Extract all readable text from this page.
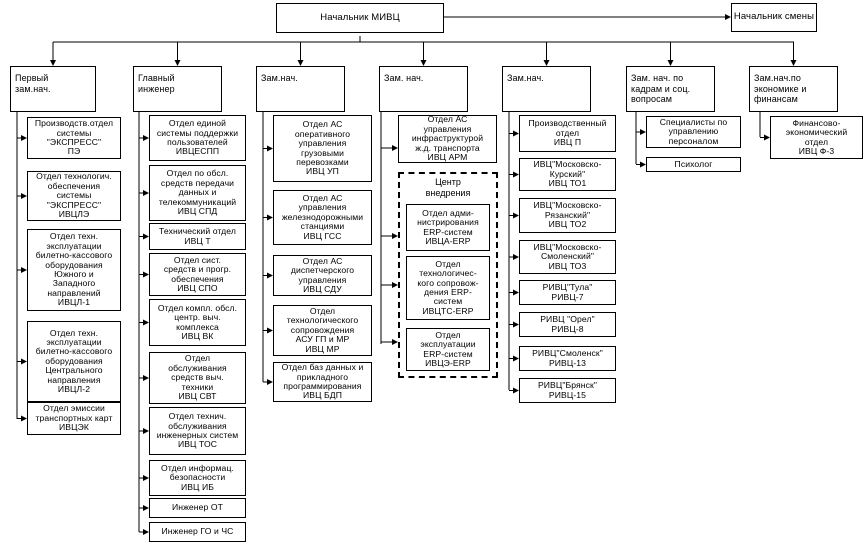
Начальник МИВЦ	Начальник смены
Первый
зам.нач.
Главный
инженер
Зам.нач.	Зам. нач.	Зам.нач.	Зам. нач. по
кадрам и соц.
вопросам
Зам.нач.по
экономике и
финансам
Производств.отдел
системы
"ЭКСПРЕСС"
ПЭ
Отдел технологич.
обеспечения
системы
"ЭКСПРЕСС"
ИВЦЛЭ
Отдел техн.
эксплуатации
билетно-кассового
оборудования
Южного и
Западного
направлений
ИВЦЛ-1
Отдел техн.
эксплуатации
билетно-кассового
оборудования
Центрального
направления
ИВЦЛ-2
Отдел эмиссии
транспортных карт
ИВЦЭК
Отдел единой
системы поддержки
пользователей
ИВЦЕСПП
Отдел по обсл.
средств передачи
данных и
телекоммуникаций
ИВЦ СПД
Технический отдел
ИВЦ Т
Отдел сист.
средств и прогр.
обеспечения
ИВЦ СПО
Отдел компл. обсл.
центр. выч.
комплекса
ИВЦ ВК
Отдел
обслуживания
средств выч.
техники
ИВЦ СВТ
Отдел технич.
обслуживания
инженерных систем
ИВЦ ТОС
Отдел информац.
безопасности
ИВЦ ИБ
Инженер ОТ
Инженер ГО и ЧС
Отдел АС
оперативного
управления
грузовыми
перевозками
ИВЦ УП
Отдел АС
управления
железнодорожными
станциями
ИВЦ ГСС
Отдел АС
диспетчерского
управления
ИВЦ СДУ
Отдел
технологического
сопровождения
АСУ ГП и МР
ИВЦ МР
Отдел баз данных и
прикладного
программирования
ИВЦ БДП
Отдел АС
управления
инфраструктурой
ж.д. транспорта
ИВЦ АРМ
Центр
внедрения
Отдел адми-
нистрирования
ERP-систем
ИВЦА-ERP
Отдел
технологичес-
кого сопровож-
дения ERP-
систем
ИВЦТС-ERP
Отдел
эксплуатации
ERP-систем
ИВЦЭ-ERP
Производственный
отдел
ИВЦ П
ИВЦ"Московско-
Курский"
ИВЦ ТО1
ИВЦ"Московско-
Рязанский"
ИВЦ ТО2
ИВЦ"Московско-
Смоленский"
ИВЦ ТО3
РИВЦ"Тула"
РИВЦ-7
РИВЦ "Орел"
РИВЦ-8
РИВЦ"Смоленск"
РИВЦ-13
РИВЦ"Брянск"
РИВЦ-15
Специалисты по
управлению
персоналом
Психолог
Финансово-
экономический
отдел
ИВЦ Ф-3
